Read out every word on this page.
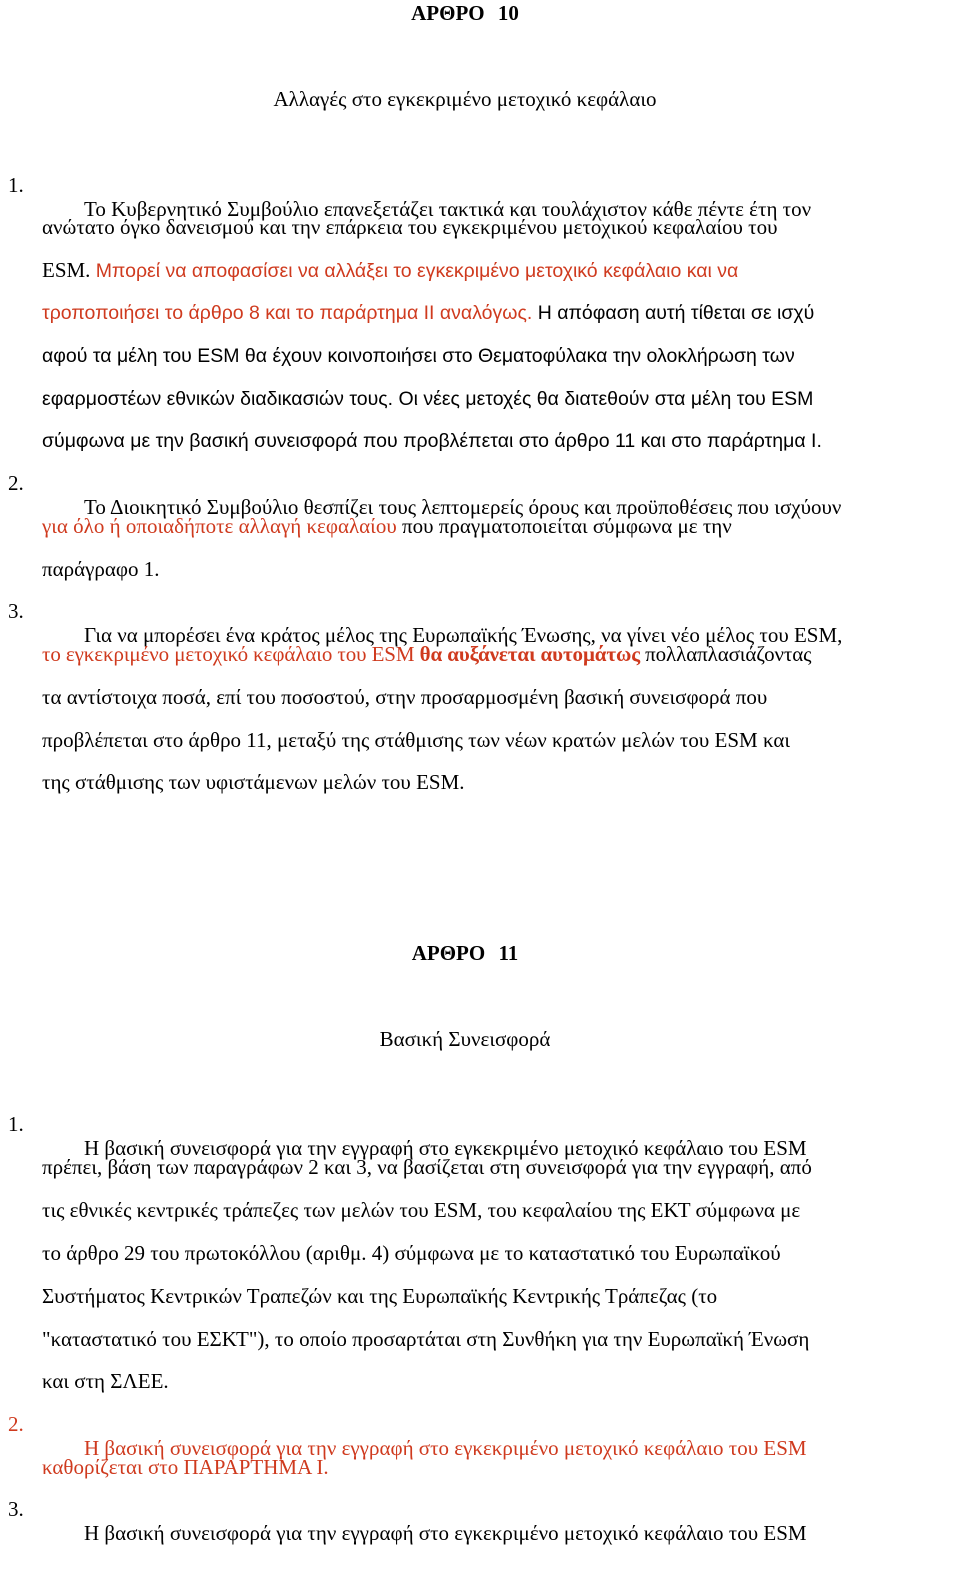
ΑΡΘΡΟ 10
Αλλαγές στο εγκεκριμένο μετοχικό κεφάλαιο

1.
Το Κυβερνητικό Συμβούλιο επανεξετάζει τακτικά και τουλάχιστον κάθε πέντε έτη τον

ανώτατο όγκο δανεισμού και την επάρκεια του εγκεκριμένου μετοχικού κεφαλαίου του
ESM. Μπορεί να αποφασίσει να αλλάξει το εγκεκριμένο μετοχικό κεφάλαιο και να
τροποποιήσει το άρθρο 8 και το παράρτημα ΙΙ αναλόγως. Η απόφαση αυτή τίθεται σε ισχύ
αφού τα μέλη του ESM θα έχουν κοινοποιήσει στο Θεματοφύλακα την ολοκλήρωση των
εφαρμοστέων εθνικών διαδικασιών τους. Οι νέες μετοχές θα διατεθούν στα μέλη του ESM
σύμφωνα με την βασική συνεισφορά που προβλέπεται στο άρθρο 11 και στο παράρτημα Ι.

2.
Το Διοικητικό Συμβούλιο θεσπίζει τους λεπτομερείς όρους και προϋποθέσεις που ισχύουν

για όλο ή οποιαδήποτε αλλαγή κεφαλαίου που πραγματοποιείται σύμφωνα με την
παράγραφο 1.

3.
Για να μπορέσει ένα κράτος μέλος της Ευρωπαϊκής Ένωσης, να γίνει νέο μέλος του ESM,

το εγκεκριμένο μετοχικό κεφάλαιο του ESM θα αυξάνεται αυτομάτως πολλαπλασιάζοντας
τα αντίστοιχα ποσά, επί του ποσοστού, στην προσαρμοσμένη βασική συνεισφορά που
προβλέπεται στο άρθρο 11, μεταξύ της στάθμισης των νέων κρατών μελών του ESM και
της στάθμισης των υφιστάμενων μελών του ESM.
ΑΡΘΡΟ 11
Βασική Συνεισφορά

1.
Η βασική συνεισφορά για την εγγραφή στο εγκεκριμένο μετοχικό κεφάλαιο του ESM

πρέπει, βάση των παραγράφων 2 και 3, να βασίζεται στη συνεισφορά για την εγγραφή, από
τις εθνικές κεντρικές τράπεζες των μελών του ESM, του κεφαλαίου της ΕΚΤ σύμφωνα με
το άρθρο 29 του πρωτοκόλλου (αριθμ. 4) σύμφωνα με το καταστατικό του Ευρωπαϊκού
Συστήματος Κεντρικών Τραπεζών και της Ευρωπαϊκής Κεντρικής Τράπεζας (το
"καταστατικό του ΕΣΚΤ"), το οποίο προσαρτάται στη Συνθήκη για την Ευρωπαϊκή Ένωση
και στη ΣΛΕΕ.

2.
Η βασική συνεισφορά για την εγγραφή στο εγκεκριμένο μετοχικό κεφάλαιο του ESM

καθορίζεται στο ΠΑΡΑΡΤΗΜΑ Ι.

3.
Η βασική συνεισφορά για την εγγραφή στο εγκεκριμένο μετοχικό κεφάλαιο του ESM
